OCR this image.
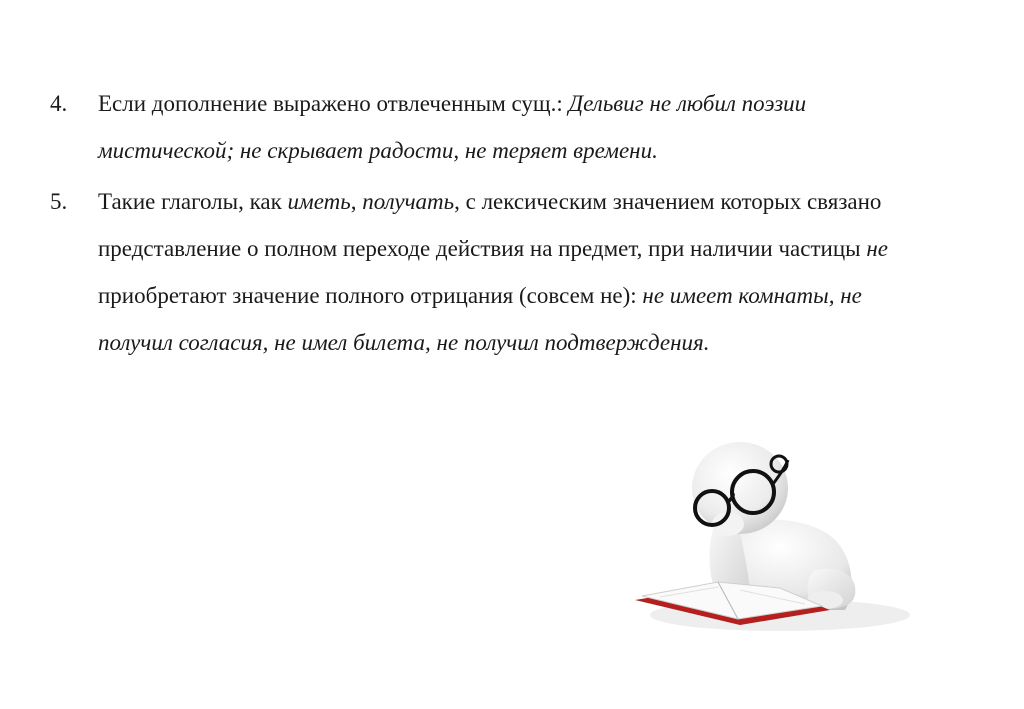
4. Если дополнение выражено отвлеченным сущ.: Дельвиг не любил поэзии мистической; не скрывает радости, не теряет времени.
5. Такие глаголы, как иметь, получать, с лексическим значением которых связано представление о полном переходе действия на предмет, при наличии частицы не приобретают значение полного отрицания (совсем не): не имеет комнаты, не получил согласия, не имел билета, не получил подтверждения.
